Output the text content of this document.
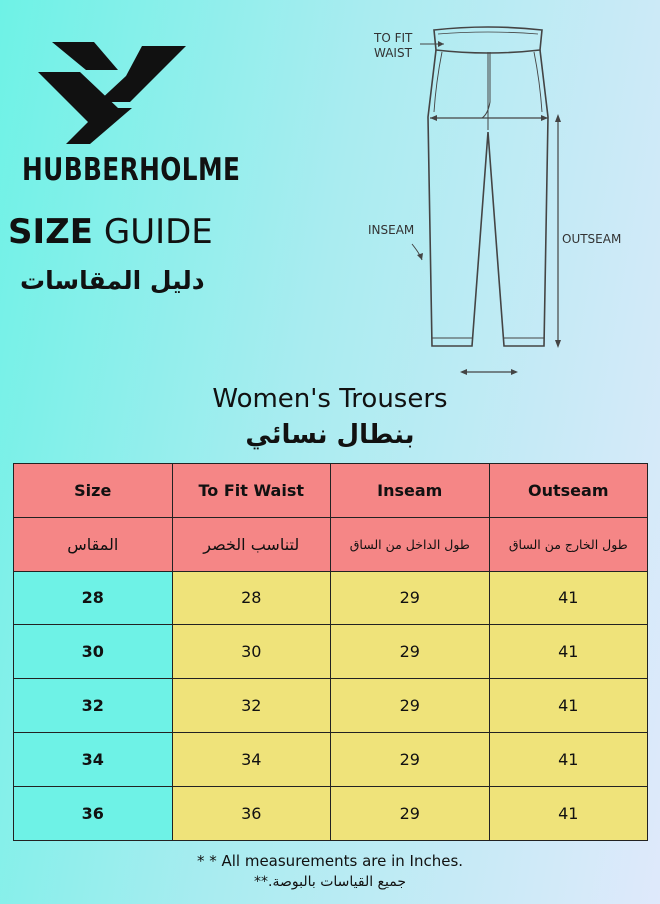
HUBBERHOLME
SIZE GUIDE
دليل المقاسات
TO FIT
WAIST
INSEAM
OUTSEAM
Women's Trousers
بنطال نسائي
Size	To Fit Waist	Inseam	Outseam
المقاس	لتناسب الخصر	طول الداخل من الساق	طول الخارج من الساق
28	28	29	41
30	30	29	41
32	32	29	41
34	34	29	41
36	36	29	41
* * All measurements are in Inches.
جميع القياسات بالبوصة.**
